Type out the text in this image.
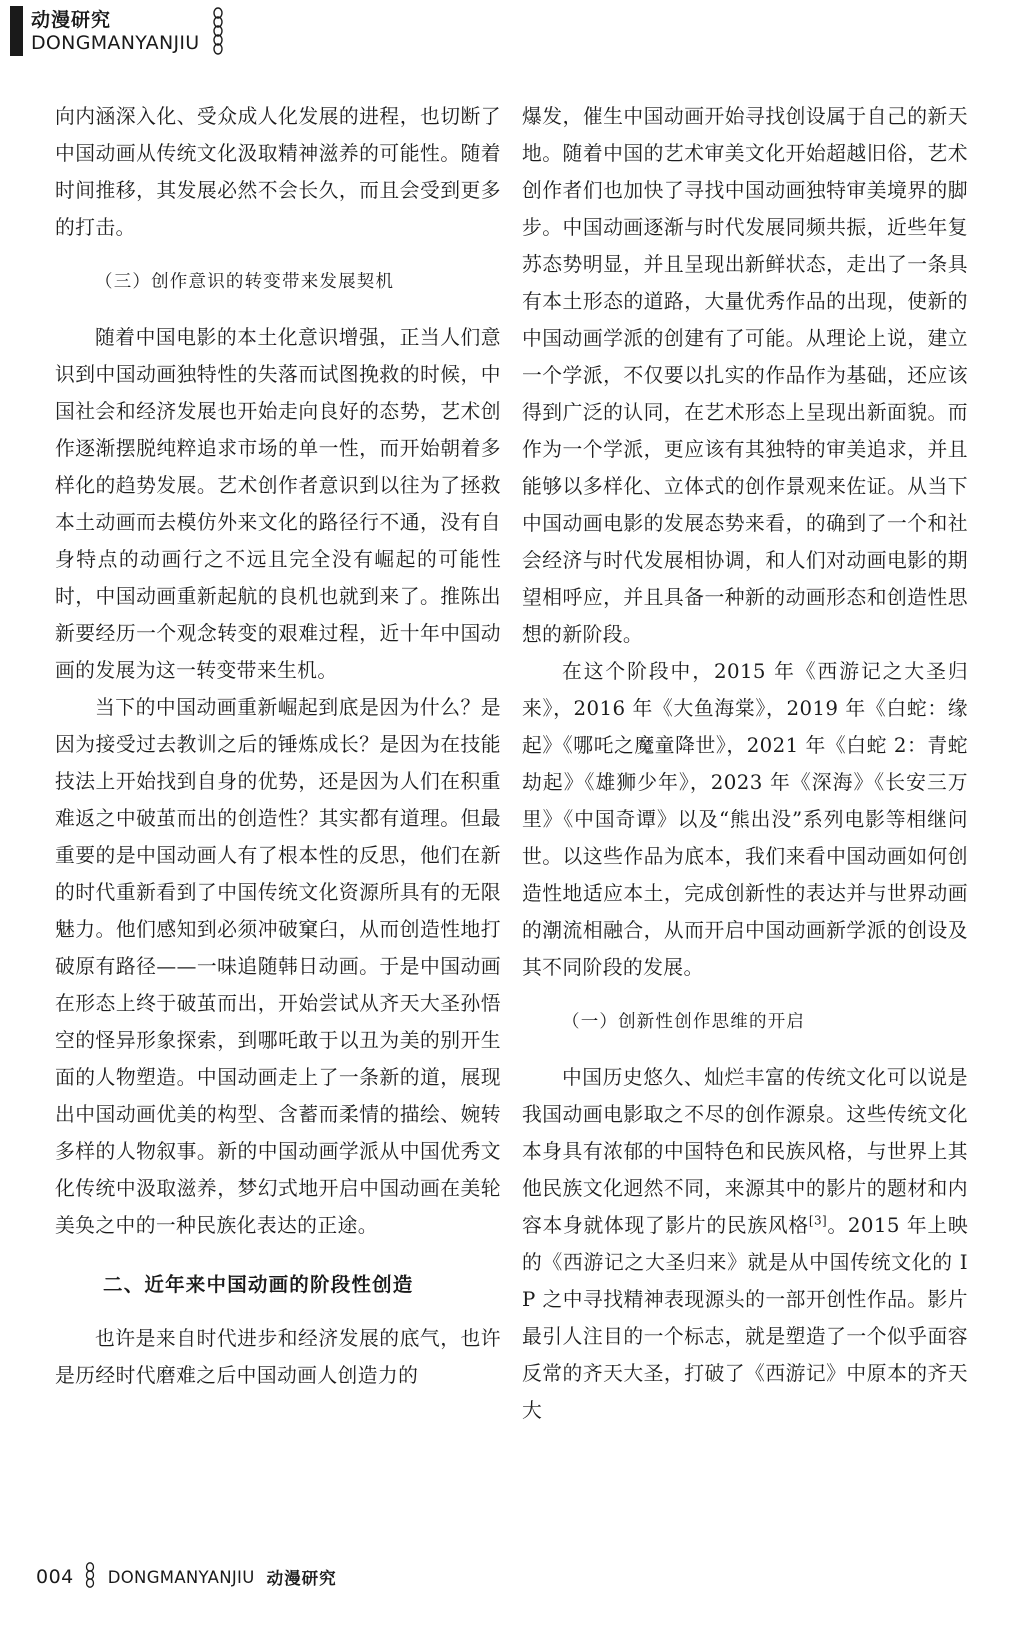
动漫研究
DONGMANYANJIU

向内涵深入化、受众成人化发展的进程，也切断了中国动画从传统文化汲取精神滋养的可能性。随着时间推移，其发展必然不会长久，而且会受到更多的打击。

（三）创作意识的转变带来发展契机

随着中国电影的本土化意识增强，正当人们意识到中国动画独特性的失落而试图挽救的时候，中国社会和经济发展也开始走向良好的态势，艺术创作逐渐摆脱纯粹追求市场的单一性，而开始朝着多样化的趋势发展。艺术创作者意识到以往为了拯救本土动画而去模仿外来文化的路径行不通，没有自身特点的动画行之不远且完全没有崛起的可能性时，中国动画重新起航的良机也就到来了。推陈出新要经历一个观念转变的艰难过程，近十年中国动画的发展为这一转变带来生机。

当下的中国动画重新崛起到底是因为什么？是因为接受过去教训之后的锤炼成长？是因为在技能技法上开始找到自身的优势，还是因为人们在积重难返之中破茧而出的创造性？其实都有道理。但最重要的是中国动画人有了根本性的反思，他们在新的时代重新看到了中国传统文化资源所具有的无限魅力。他们感知到必须冲破窠臼，从而创造性地打破原有路径——一味追随韩日动画。于是中国动画在形态上终于破茧而出，开始尝试从齐天大圣孙悟空的怪异形象探索，到哪吒敢于以丑为美的别开生面的人物塑造。中国动画走上了一条新的道，展现出中国动画优美的构型、含蓄而柔情的描绘、婉转多样的人物叙事。新的中国动画学派从中国优秀文化传统中汲取滋养，梦幻式地开启中国动画在美轮美奂之中的一种民族化表达的正途。

二、近年来中国动画的阶段性创造

也许是来自时代进步和经济发展的底气，也许是历经时代磨难之后中国动画人创造力的

爆发，催生中国动画开始寻找创设属于自己的新天地。随着中国的艺术审美文化开始超越旧俗，艺术创作者们也加快了寻找中国动画独特审美境界的脚步。中国动画逐渐与时代发展同频共振，近些年复苏态势明显，并且呈现出新鲜状态，走出了一条具有本土形态的道路，大量优秀作品的出现，使新的中国动画学派的创建有了可能。从理论上说，建立一个学派，不仅要以扎实的作品作为基础，还应该得到广泛的认同，在艺术形态上呈现出新面貌。而作为一个学派，更应该有其独特的审美追求，并且能够以多样化、立体式的创作景观来佐证。从当下中国动画电影的发展态势来看，的确到了一个和社会经济与时代发展相协调，和人们对动画电影的期望相呼应，并且具备一种新的动画形态和创造性思想的新阶段。

在这个阶段中，2015 年《西游记之大圣归来》，2016 年《大鱼海棠》，2019 年《白蛇：缘起》《哪吒之魔童降世》，2021 年《白蛇 2：青蛇劫起》《雄狮少年》，2023 年《深海》《长安三万里》《中国奇谭》以及“熊出没”系列电影等相继问世。以这些作品为底本，我们来看中国动画如何创造性地适应本土，完成创新性的表达并与世界动画的潮流相融合，从而开启中国动画新学派的创设及其不同阶段的发展。

（一）创新性创作思维的开启

中国历史悠久、灿烂丰富的传统文化可以说是我国动画电影取之不尽的创作源泉。这些传统文化本身具有浓郁的中国特色和民族风格，与世界上其他民族文化迥然不同，来源其中的影片的题材和内容本身就体现了影片的民族风格[3]。2015 年上映的《西游记之大圣归来》就是从中国传统文化的 IP 之中寻找精神表现源头的一部开创性作品。影片最引人注目的一个标志，就是塑造了一个似乎面容反常的齐天大圣，打破了《西游记》中原本的齐天大

004 DONGMANYANJIU 动漫研究
